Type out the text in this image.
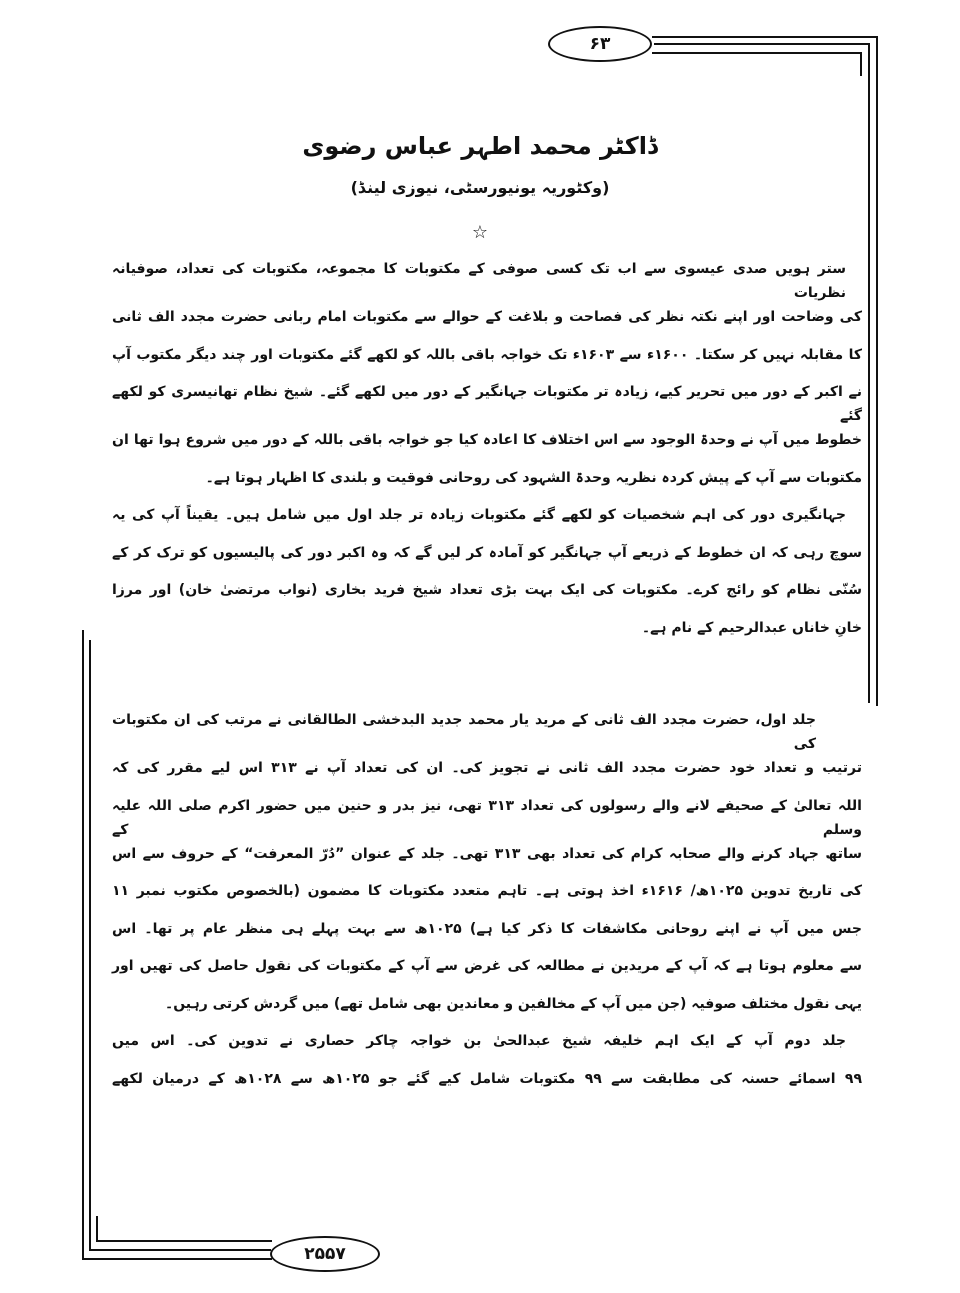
۶۳
۲۵۵۷
ڈاکٹر محمد اطہر عباس رضوی
(وکٹوریہ یونیورسٹی، نیوزی لینڈ)
☆
ستر ہویں صدی عیسوی سے اب تک کسی صوفی کے مکتوبات کا مجموعہ، مکتوبات کی تعداد، صوفیانہ نظریات
کی وضاحت اور اپنے نکتہ نظر کی فصاحت و بلاغت کے حوالے سے مکتوبات امام ربانی حضرت مجدد الف ثانی
کا مقابلہ نہیں کر سکتا۔ ۱۶۰۰ء سے ۱۶۰۳ء تک خواجہ باقی باللہ کو لکھے گئے مکتوبات اور چند دیگر مکتوب آپ
نے اکبر کے دور میں تحریر کیے، زیادہ تر مکتوبات جہانگیر کے دور میں لکھے گئے۔ شیخ نظام تھانیسری کو لکھے گئے
خطوط میں آپ نے وحدۃ الوجود سے اس اختلاف کا اعادہ کیا جو خواجہ باقی باللہ کے دور میں شروع ہوا تھا ان
مکتوبات سے آپ کے پیش کردہ نظریہ وحدۃ الشہود کی روحانی فوقیت و بلندی کا اظہار ہوتا ہے۔
جہانگیری دور کی اہم شخصیات کو لکھے گئے مکتوبات زیادہ تر جلد اول میں شامل ہیں۔ یقیناً آپ کی یہ
سوچ رہی کہ ان خطوط کے ذریعے آپ جہانگیر کو آمادہ کر لیں گے کہ وہ اکبر دور کی پالیسیوں کو ترک کر کے
سُنّی نظام کو رائج کرے۔ مکتوبات کی ایک بہت بڑی تعداد شیخ فرید بخاری (نواب مرتضیٰ خان) اور مرزا
خانِ خاناں عبدالرحیم کے نام ہے۔
جلد اول، حضرت مجدد الف ثانی کے مرید یار محمد جدید البدخشی الطالقانی نے مرتب کی ان مکتوبات کی
ترتیب و تعداد خود حضرت مجدد الف ثانی نے تجویز کی۔ ان کی تعداد آپ نے ۳۱۳ اس لیے مقرر کی کہ
اللہ تعالیٰ کے صحیفے لانے والے رسولوں کی تعداد ۳۱۳ تھی، نیز بدر و حنین میں حضور اکرم صلی اللہ علیہ وسلم کے
ساتھ جہاد کرنے والے صحابہ کرام کی تعداد بھی ۳۱۳ تھی۔ جلد کے عنوان ”دُرّ المعرفت“ کے حروف سے اس
کی تاریخ تدوین ۱۰۲۵ھ/ ۱۶۱۶ء اخذ ہوتی ہے۔ تاہم متعدد مکتوبات کا مضمون (بالخصوص مکتوب نمبر ۱۱
جس میں آپ نے اپنے روحانی مکاشفات کا ذکر کیا ہے) ۱۰۲۵ھ سے بہت پہلے ہی منظر عام پر تھا۔ اس
سے معلوم ہوتا ہے کہ آپ کے مریدین نے مطالعہ کی غرض سے آپ کے مکتوبات کی نقول حاصل کی تھیں اور
یہی نقول مختلف صوفیہ (جن میں آپ کے مخالفین و معاندین بھی شامل تھے) میں گردش کرتی رہیں۔
جلد دوم آپ کے ایک اہم خلیفہ شیخ عبدالحیٰ بن خواجہ چاکر حصاری نے تدوین کی۔ اس میں
۹۹ اسمائے حسنہ کی مطابقت سے ۹۹ مکتوبات شامل کیے گئے جو ۱۰۲۵ھ سے ۱۰۲۸ھ کے درمیان لکھے
